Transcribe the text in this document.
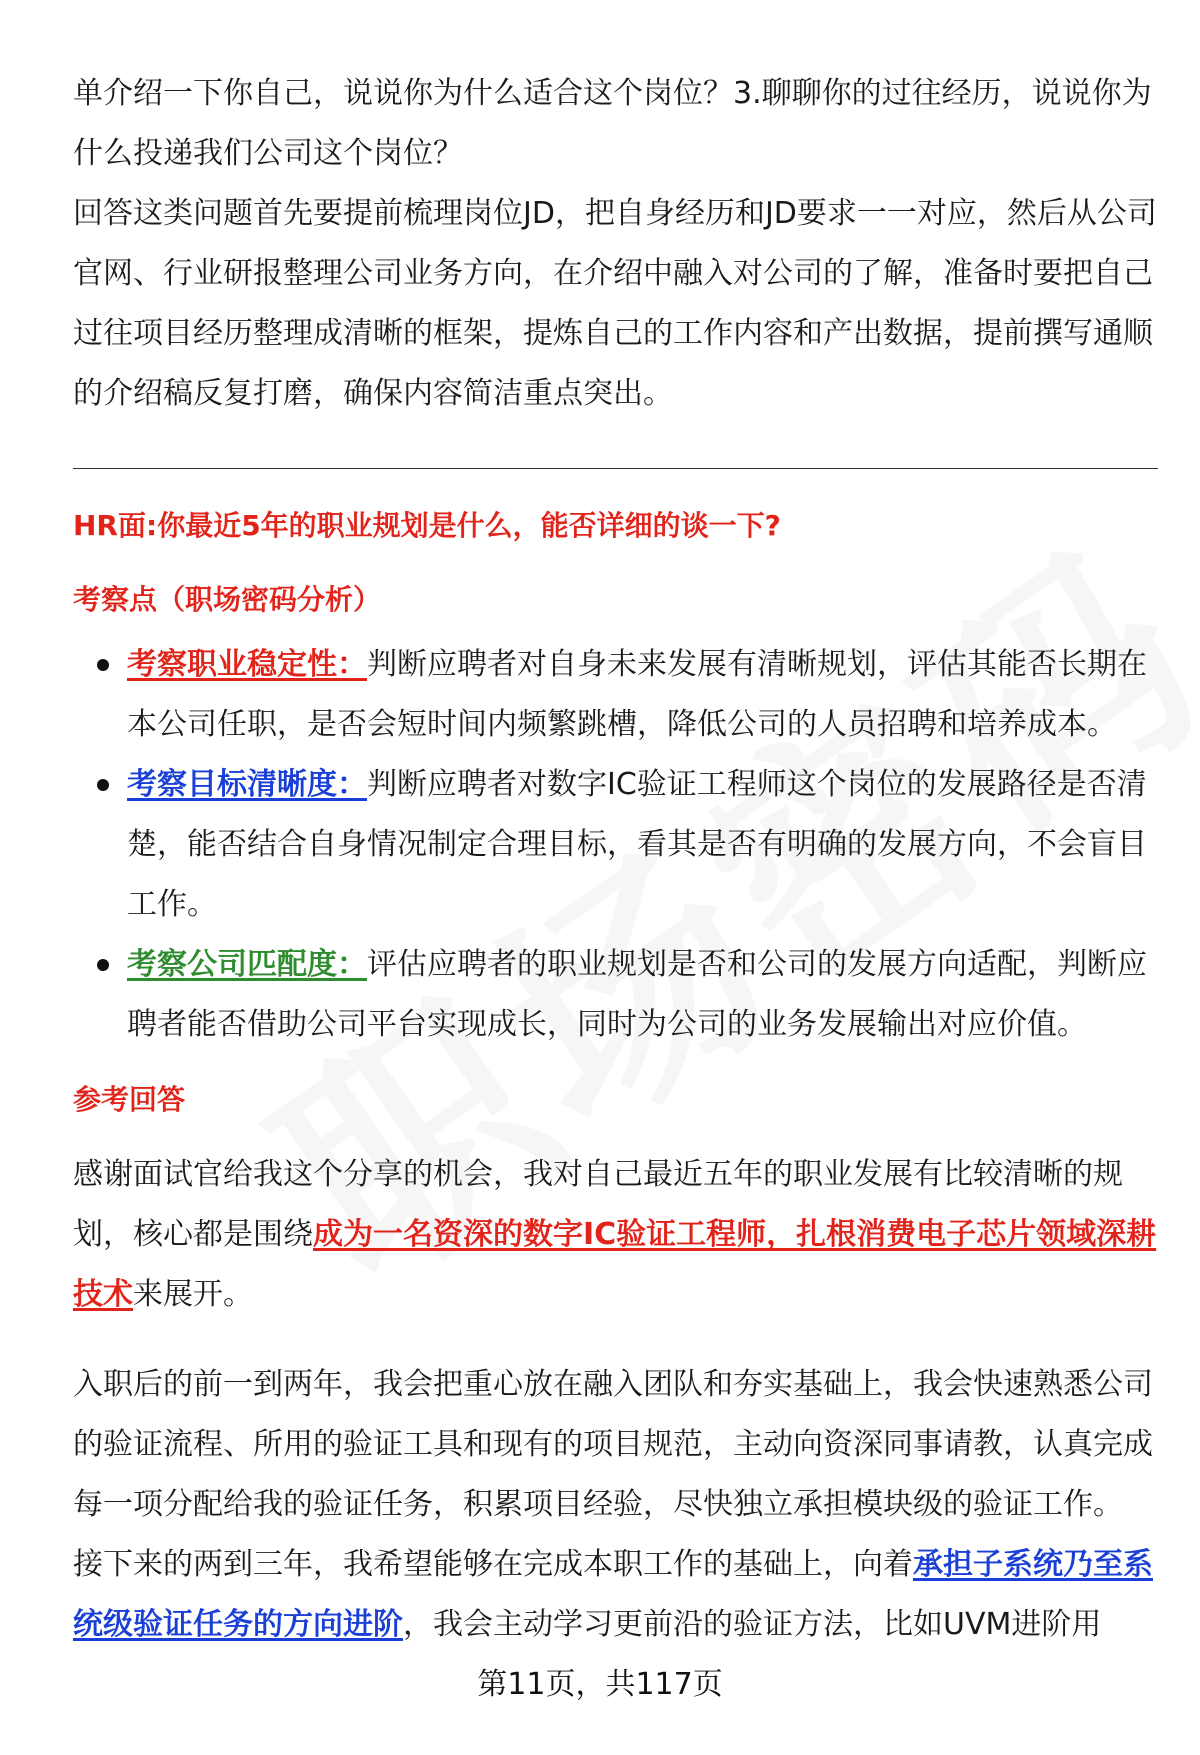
单介绍一下你自己，说说你为什么适合这个岗位？3.聊聊你的过往经历，说说你为

什么投递我们公司这个岗位？

回答这类问题首先要提前梳理岗位JD，把自身经历和JD要求一一对应，然后从公司

官网、行业研报整理公司业务方向，在介绍中融入对公司的了解，准备时要把自己

过往项目经历整理成清晰的框架，提炼自己的工作内容和产出数据，提前撰写通顺

的介绍稿反复打磨，确保内容简洁重点突出。

HR面:你最近5年的职业规划是什么，能否详细的谈一下?
考察点（职场密码分析）
考察职业稳定性：判断应聘者对自身未来发展有清晰规划，评估其能否长期在
本公司任职，是否会短时间内频繁跳槽，降低公司的人员招聘和培养成本。
考察目标清晰度：判断应聘者对数字IC验证工程师这个岗位的发展路径是否清
楚，能否结合自身情况制定合理目标，看其是否有明确的发展方向，不会盲目
工作。
考察公司匹配度：评估应聘者的职业规划是否和公司的发展方向适配，判断应
聘者能否借助公司平台实现成长，同时为公司的业务发展输出对应价值。
参考回答

感谢面试官给我这个分享的机会，我对自己最近五年的职业发展有比较清晰的规

划，核心都是围绕成为一名资深的数字IC验证工程师，扎根消费电子芯片领域深耕

技术来展开。

入职后的前一到两年，我会把重心放在融入团队和夯实基础上，我会快速熟悉公司

的验证流程、所用的验证工具和现有的项目规范，主动向资深同事请教，认真完成

每一项分配给我的验证任务，积累项目经验，尽快独立承担模块级的验证工作。

接下来的两到三年，我希望能够在完成本职工作的基础上，向着承担子系统乃至系

统级验证任务的方向进阶，我会主动学习更前沿的验证方法，比如UVM进阶用

第11页，共117页
